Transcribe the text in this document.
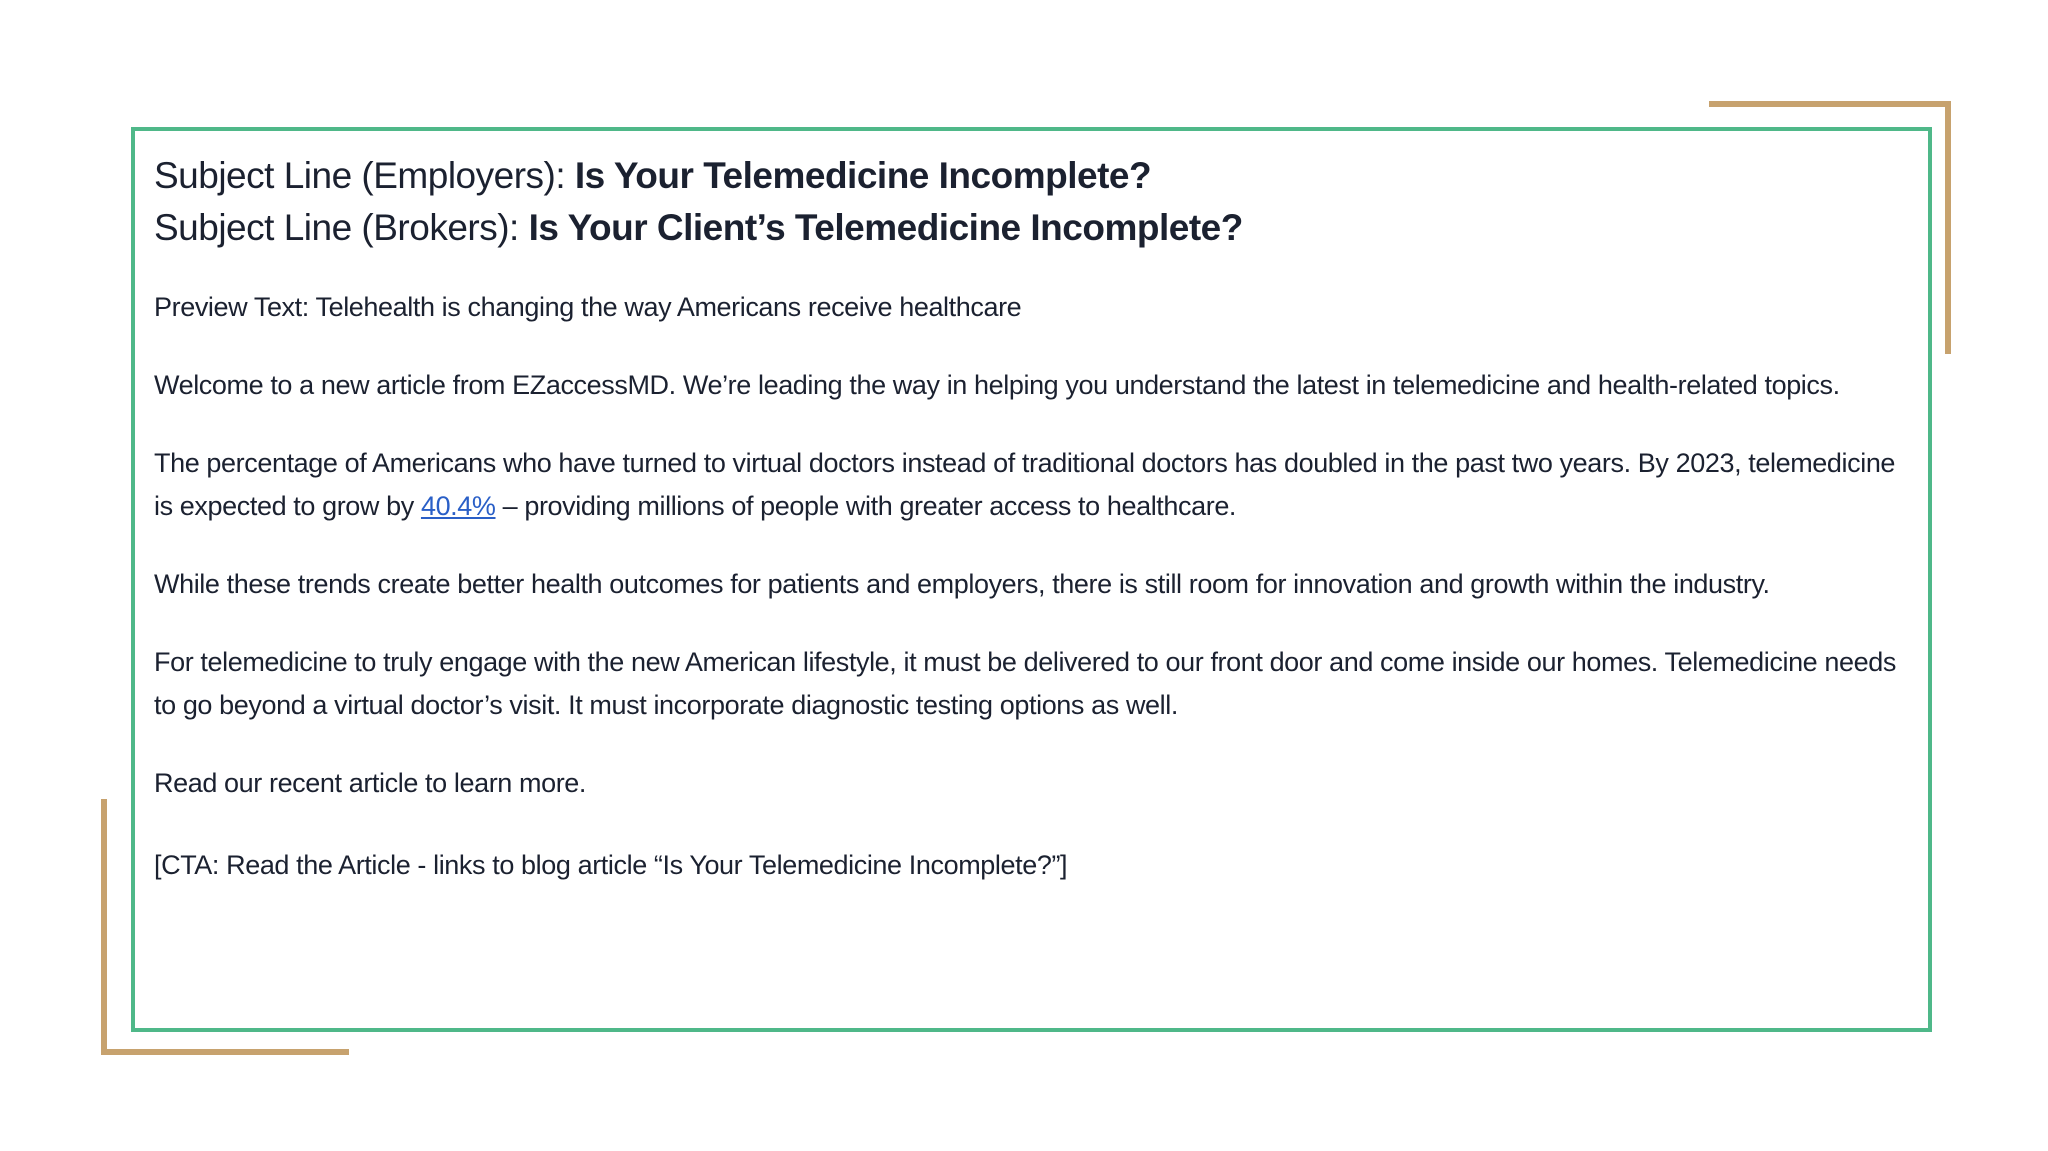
Subject Line (Employers): Is Your Telemedicine Incomplete?

Subject Line (Brokers): Is Your Client’s Telemedicine Incomplete?

Preview Text: Telehealth is changing the way Americans receive healthcare

Welcome to a new article from EZaccessMD. We’re leading the way in helping you understand the latest in telemedicine and health-related topics.

The percentage of Americans who have turned to virtual doctors instead of traditional doctors has doubled in the past two years. By 2023, telemedicine is expected to grow by 40.4% – providing millions of people with greater access to healthcare.

While these trends create better health outcomes for patients and employers, there is still room for innovation and growth within the industry.

For telemedicine to truly engage with the new American lifestyle, it must be delivered to our front door and come inside our homes. Telemedicine needs to go beyond a virtual doctor’s visit. It must incorporate diagnostic testing options as well.

Read our recent article to learn more.

[CTA: Read the Article - links to blog article “Is Your Telemedicine Incomplete?”]
